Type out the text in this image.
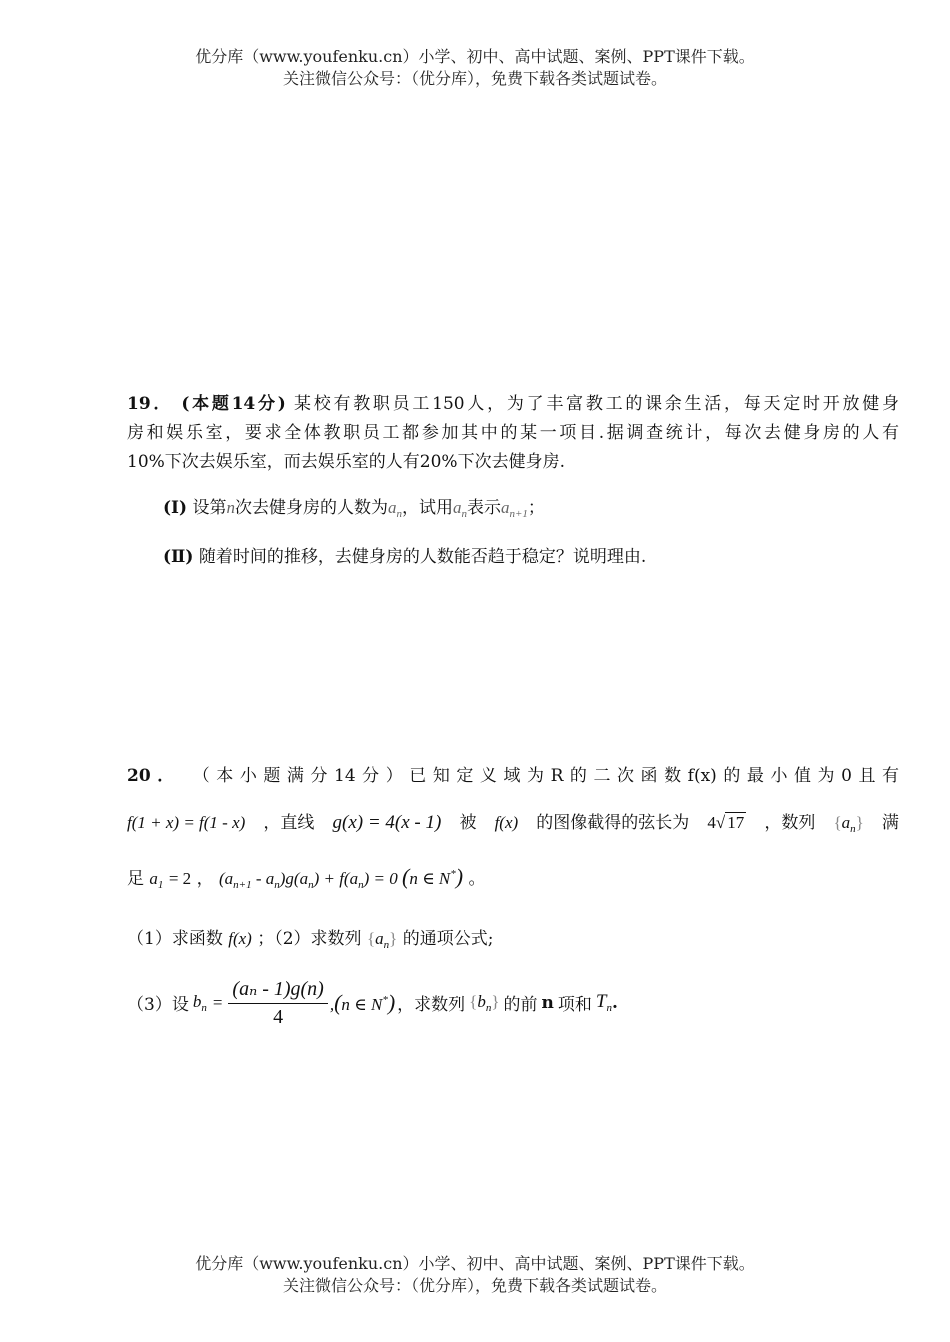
优分库（www.youfenku.cn）小学、初中、高中试题、案例、PPT课件下载。
关注微信公众号：（优分库），免费下载各类试题试卷。

19． (本题14分) 某校有教职员工150人，为了丰富教工的课余生活，每天定时开放健身

房和娱乐室，要求全体教职员工都参加其中的某一项目.据调查统计，每次去健身房的人有

10%下次去娱乐室，而去娱乐室的人有20%下次去健身房.

(Ⅰ) 设第n次去健身房的人数为$a_n$，试用$a_n$表示$a_{n+1}$；

(Ⅱ) 随着时间的推移，去健身房的人数能否趋于稳定？说明理由.

20． （本小题满分14分）已知定义域为R的二次函数f(x)的最小值为0且有

f(1 + x) = f(1 - x) ，直线 g(x) = 4(x - 1) 被 f(x) 的图像截得的弦长为 4√ 17 ，数列 $\{a_n\}$ 满
足 $a_1 = 2$ ， $(a_{n+1} - a_n)g(a_n) + f(a_n) = 0$ (n ∈ N*) 。
（1）求函数 f(x) ；（2）求数列 $\{a_n\}$ 的通项公式;
（3）设 $b_n = \frac{\text{(aₙ - 1)g(n)}}{4} ,(n$ ∈ N*) ，求数列 $\{b_n\}$ 的前 n 项和 $T_n$ .
优分库（www.youfenku.cn）小学、初中、高中试题、案例、PPT课件下载。
关注微信公众号：（优分库），免费下载各类试题试卷。
